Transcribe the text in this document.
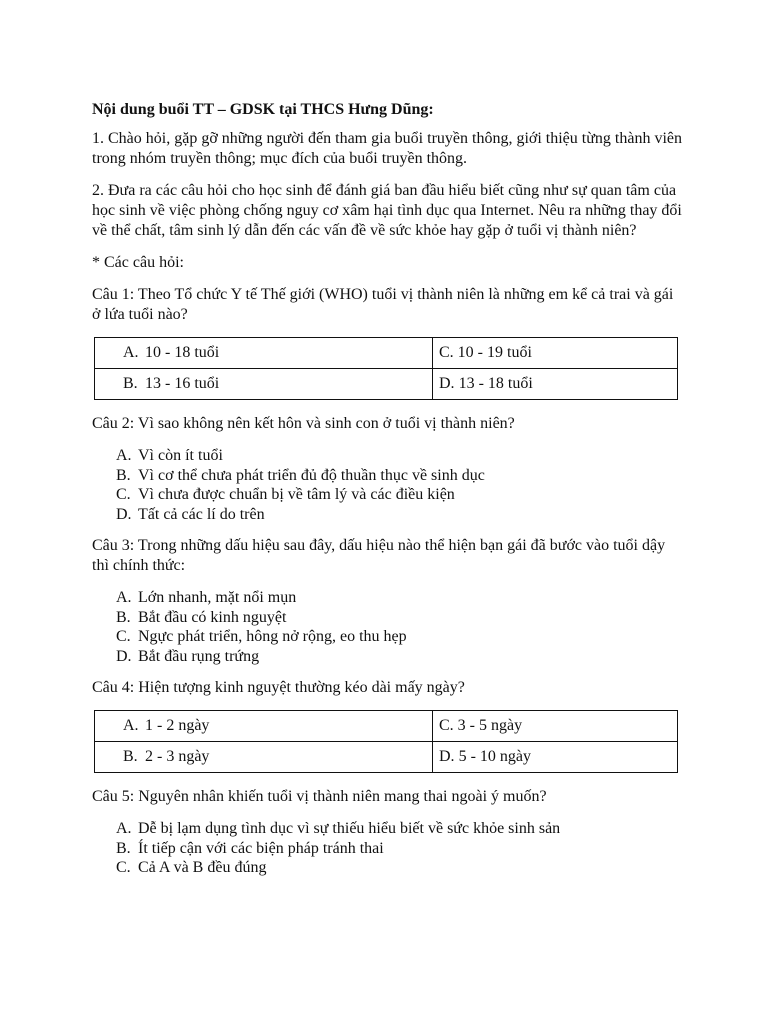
Nội dung buổi TT – GDSK tại THCS Hưng Dũng:
1. Chào hỏi, gặp gỡ những người đến tham gia buổi truyền thông, giới thiệu từng thành viên trong nhóm truyền thông; mục đích của buổi truyền thông.
2. Đưa ra các câu hỏi cho học sinh để đánh giá ban đầu hiểu biết cũng như sự quan tâm của học sinh về việc phòng chống nguy cơ xâm hại tình dục qua Internet. Nêu ra những thay đổi về thể chất, tâm sinh lý dẫn đến các vấn đề về sức khỏe hay gặp ở tuổi vị thành niên?
* Các câu hỏi:
Câu 1: Theo Tổ chức Y tế Thế giới (WHO) tuổi vị thành niên là những em kể cả trai và gái ở lứa tuổi nào?
A. 10 - 18 tuổi	C. 10 - 19 tuổi
B. 13 - 16 tuổi	D. 13 - 18 tuổi
Câu 2: Vì sao không nên kết hôn và sinh con ở tuổi vị thành niên?
A. Vì còn ít tuổi
B. Vì cơ thể chưa phát triển đủ độ thuần thục về sinh dục
C. Vì chưa được chuẩn bị về tâm lý và các điều kiện
D. Tất cả các lí do trên
Câu 3: Trong những dấu hiệu sau đây, dấu hiệu nào thể hiện bạn gái đã bước vào tuổi dậy thì chính thức:
A. Lớn nhanh, mặt nổi mụn
B. Bắt đầu có kinh nguyệt
C. Ngực phát triển, hông nở rộng, eo thu hẹp
D. Bắt đầu rụng trứng
Câu 4: Hiện tượng kinh nguyệt thường kéo dài mấy ngày?
A. 1 - 2 ngày	C. 3 - 5 ngày
B. 2 - 3 ngày	D. 5 - 10 ngày
Câu 5: Nguyên nhân khiến tuổi vị thành niên mang thai ngoài ý muốn?
A. Dễ bị lạm dụng tình dục vì sự thiếu hiểu biết về sức khỏe sinh sản
B. Ít tiếp cận với các biện pháp tránh thai
C. Cả A và B đều đúng
